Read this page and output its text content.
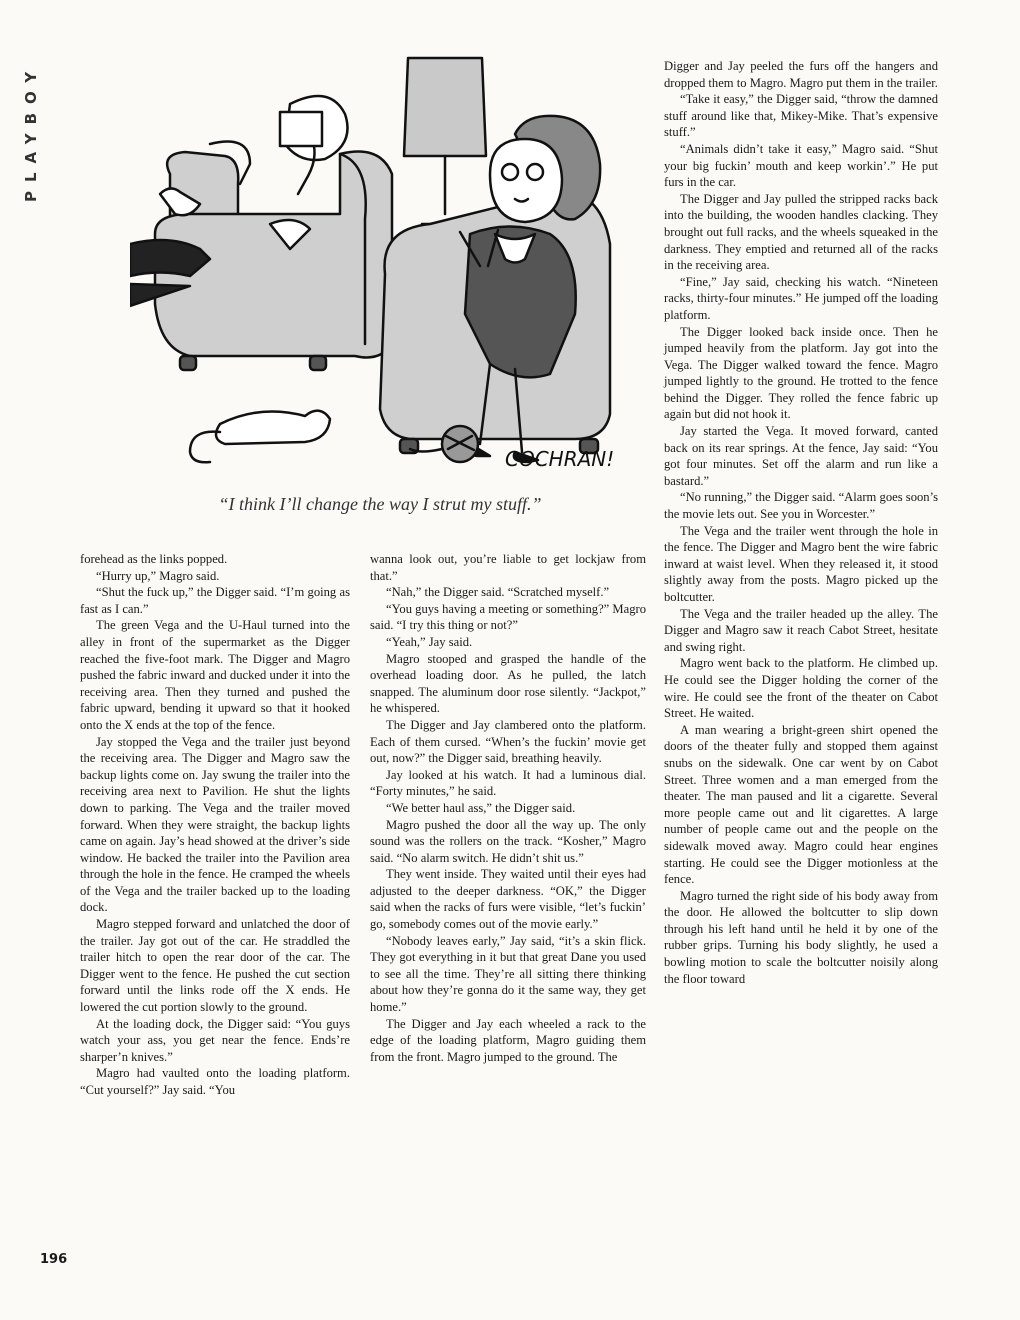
PLAYBOY
COCHRAN!
“I think I’ll change the way I strut my stuff.”

forehead as the links popped.

“Hurry up,” Magro said.

“Shut the fuck up,” the Digger said. “I’m going as fast as I can.”

The green Vega and the U-Haul turned into the alley in front of the supermarket as the Digger reached the five-foot mark. The Digger and Magro pushed the fabric inward and ducked under it into the receiving area. Then they turned and pushed the fabric upward, bending it upward so that it hooked onto the X ends at the top of the fence.

Jay stopped the Vega and the trailer just beyond the receiving area. The Digger and Magro saw the backup lights come on. Jay swung the trailer into the receiving area next to Pavilion. He shut the lights down to parking. The Vega and the trailer moved forward. When they were straight, the backup lights came on again. Jay’s head showed at the driver’s side window. He backed the trailer into the Pavilion area through the hole in the fence. He cramped the wheels of the Vega and the trailer backed up to the loading dock.

Magro stepped forward and unlatched the door of the trailer. Jay got out of the car. He straddled the trailer hitch to open the rear door of the car. The Digger went to the fence. He pushed the cut section forward until the links rode off the X ends. He lowered the cut portion slowly to the ground.

At the loading dock, the Digger said: “You guys watch your ass, you get near the fence. Ends’re sharper’n knives.”

Magro had vaulted onto the loading platform. “Cut yourself?” Jay said. “You

wanna look out, you’re liable to get lockjaw from that.”

“Nah,” the Digger said. “Scratched myself.”

“You guys having a meeting or something?” Magro said. “I try this thing or not?”

“Yeah,” Jay said.

Magro stooped and grasped the handle of the overhead loading door. As he pulled, the latch snapped. The aluminum door rose silently. “Jackpot,” he whispered.

The Digger and Jay clambered onto the platform. Each of them cursed. “When’s the fuckin’ movie get out, now?” the Digger said, breathing heavily.

Jay looked at his watch. It had a luminous dial. “Forty minutes,” he said.

“We better haul ass,” the Digger said.

Magro pushed the door all the way up. The only sound was the rollers on the track. “Kosher,” Magro said. “No alarm switch. He didn’t shit us.”

They went inside. They waited until their eyes had adjusted to the deeper darkness. “OK,” the Digger said when the racks of furs were visible, “let’s fuckin’ go, somebody comes out of the movie early.”

“Nobody leaves early,” Jay said, “it’s a skin flick. They got everything in it but that great Dane you used to see all the time. They’re all sitting there thinking about how they’re gonna do it the same way, they get home.”

The Digger and Jay each wheeled a rack to the edge of the loading platform, Magro guiding them from the front. Magro jumped to the ground. The

Digger and Jay peeled the furs off the hangers and dropped them to Magro. Magro put them in the trailer.

“Take it easy,” the Digger said, “throw the damned stuff around like that, Mikey-Mike. That’s expensive stuff.”

“Animals didn’t take it easy,” Magro said. “Shut your big fuckin’ mouth and keep workin’.” He put furs in the car.

The Digger and Jay pulled the stripped racks back into the building, the wooden handles clacking. They brought out full racks, and the wheels squeaked in the darkness. They emptied and returned all of the racks in the receiving area.

“Fine,” Jay said, checking his watch. “Nineteen racks, thirty-four minutes.” He jumped off the loading platform.

The Digger looked back inside once. Then he jumped heavily from the platform. Jay got into the Vega. The Digger walked toward the fence. Magro jumped lightly to the ground. He trotted to the fence behind the Digger. They rolled the fence fabric up again but did not hook it.

Jay started the Vega. It moved forward, canted back on its rear springs. At the fence, Jay said: “You got four minutes. Set off the alarm and run like a bastard.”

“No running,” the Digger said. “Alarm goes soon’s the movie lets out. See you in Worcester.”

The Vega and the trailer went through the hole in the fence. The Digger and Magro bent the wire fabric inward at waist level. When they released it, it stood slightly away from the posts. Magro picked up the boltcutter.

The Vega and the trailer headed up the alley. The Digger and Magro saw it reach Cabot Street, hesitate and swing right.

Magro went back to the platform. He climbed up. He could see the Digger holding the corner of the wire. He could see the front of the theater on Cabot Street. He waited.

A man wearing a bright-green shirt opened the doors of the theater fully and stopped them against snubs on the sidewalk. One car went by on Cabot Street. Three women and a man emerged from the theater. The man paused and lit a cigarette. Several more people came out and lit cigarettes. A large number of people came out and the people on the sidewalk moved away. Magro could hear engines starting. He could see the Digger motionless at the fence.

Magro turned the right side of his body away from the door. He allowed the boltcutter to slip down through his left hand until he held it by one of the rubber grips. Turning his body slightly, he used a bowling motion to scale the boltcutter noisily along the floor toward

196
